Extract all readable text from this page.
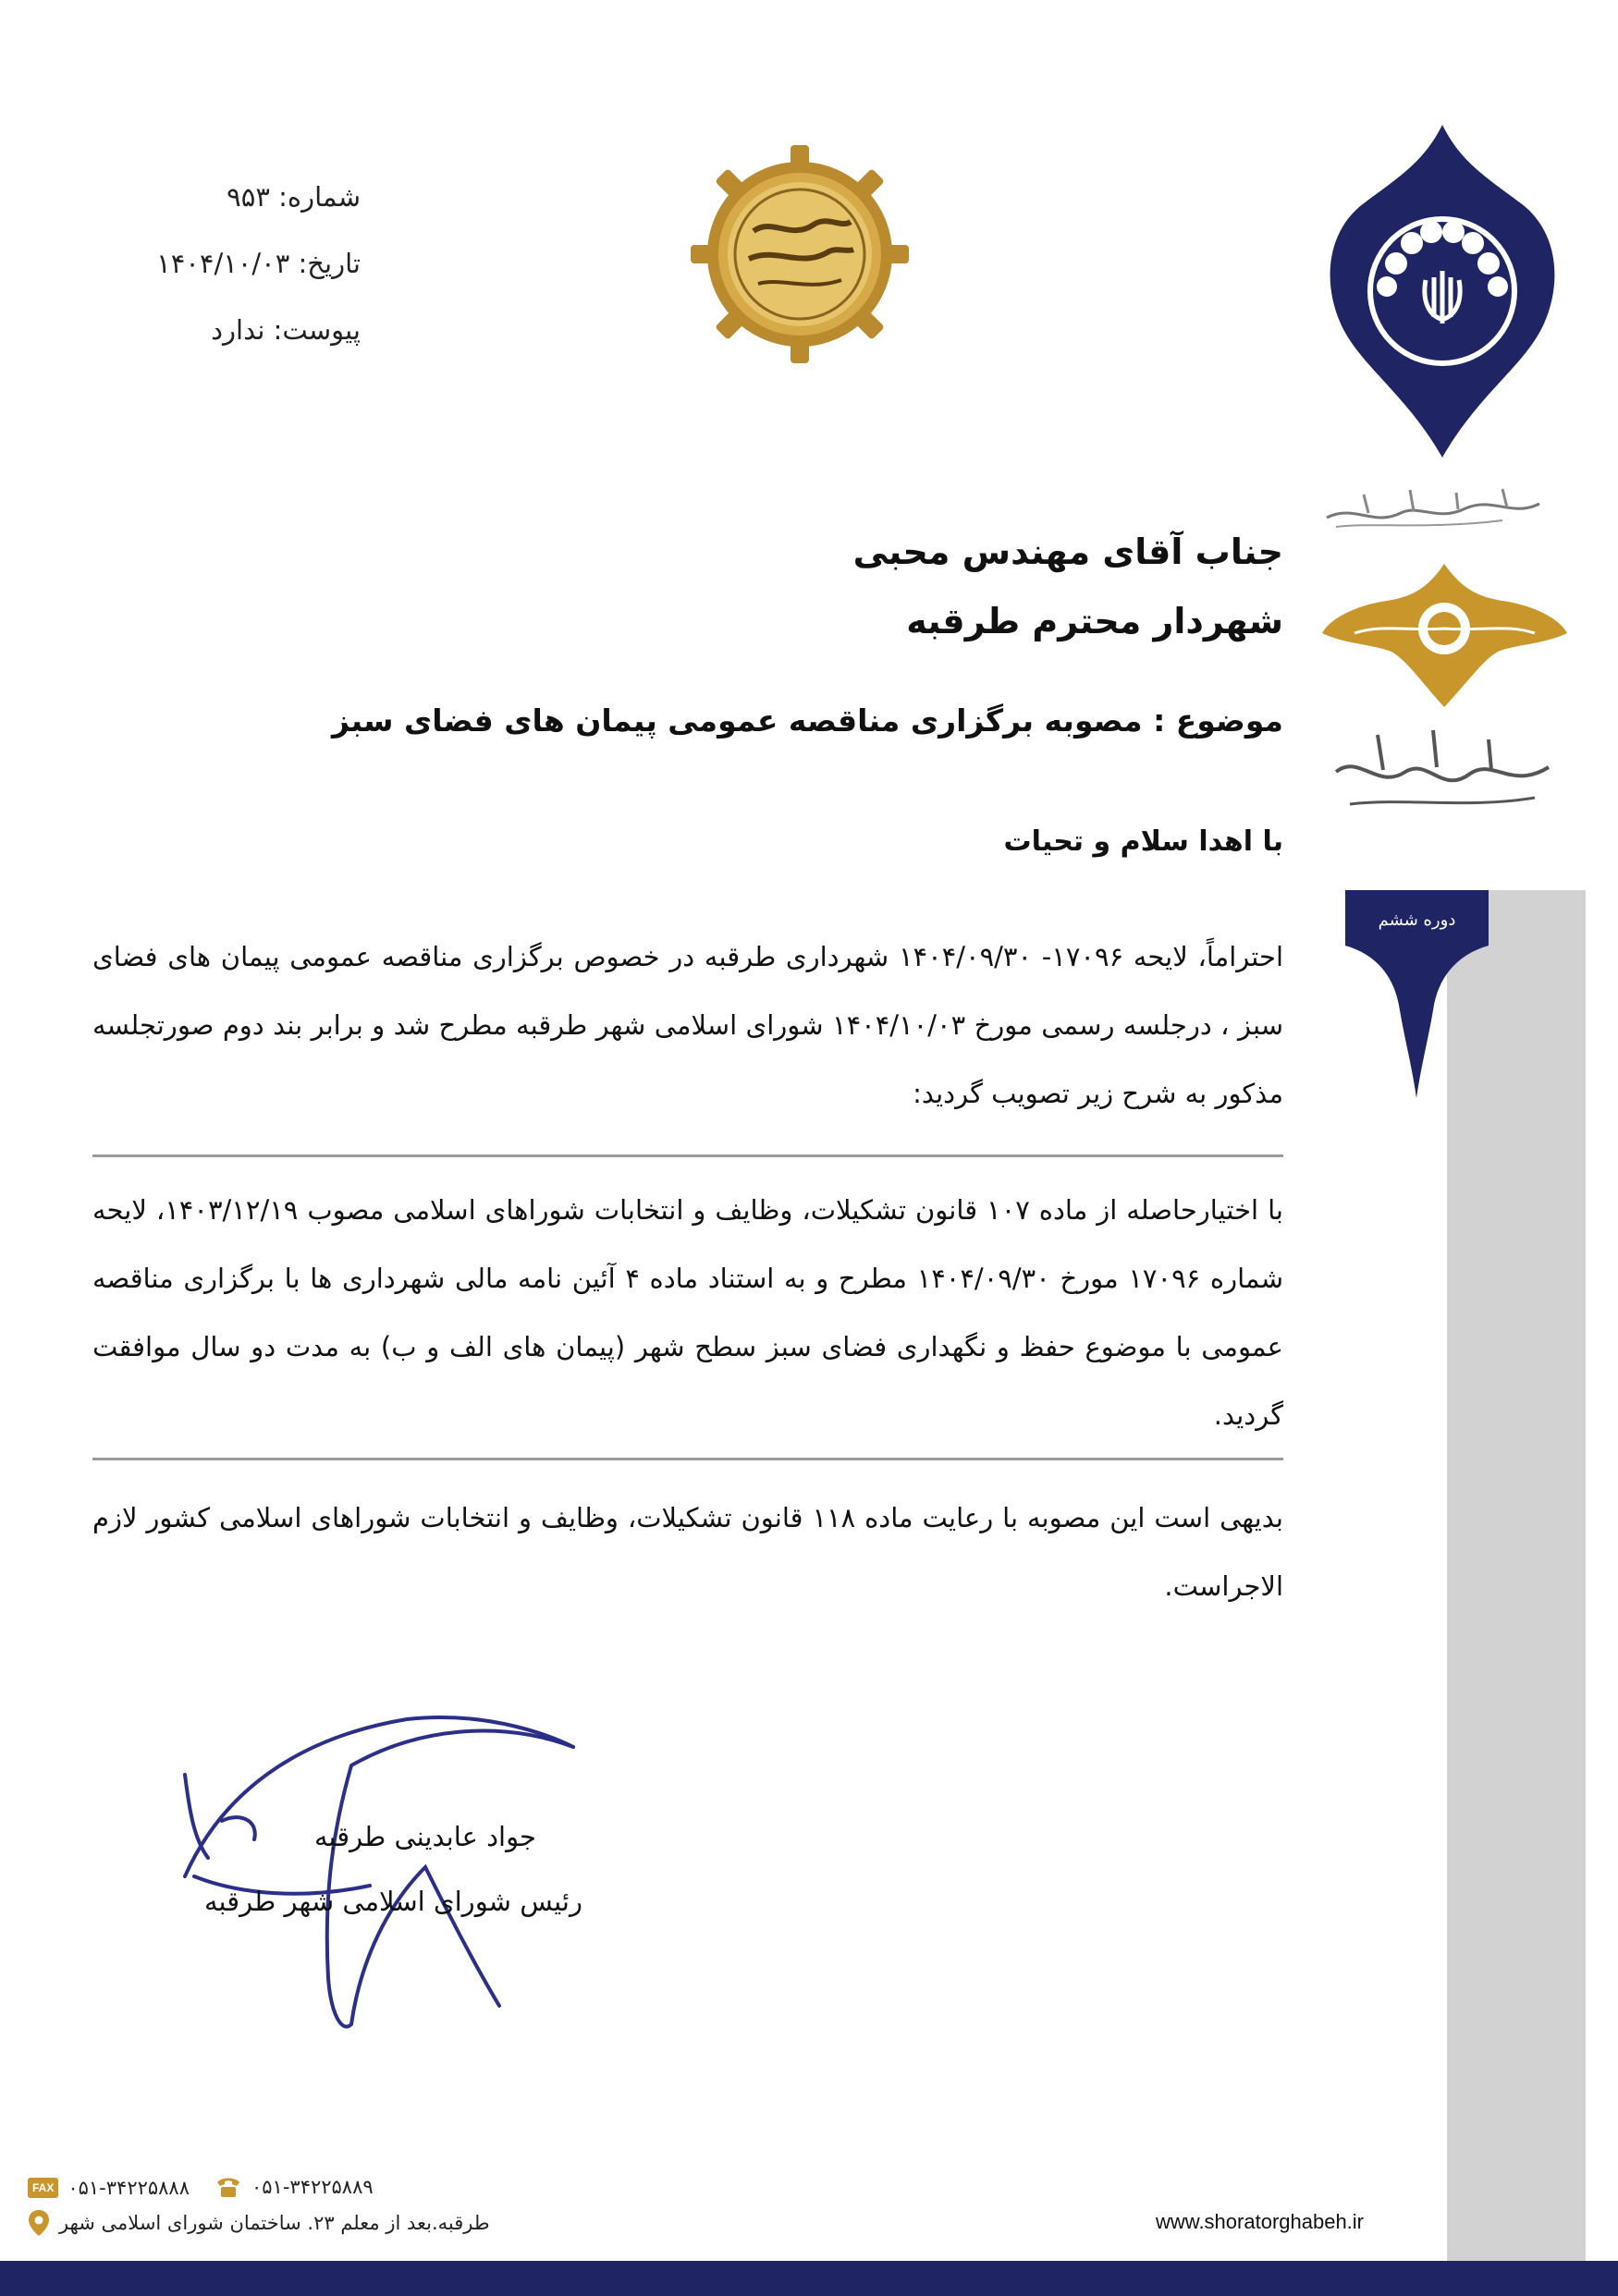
دوره ششم
شماره: ۹۵۳
تاریخ: ۱۴۰۴/۱۰/۰۳
پیوست: ندارد
جناب آقای مهندس محبی
شهردار محترم طرقبه
موضوع : مصوبه برگزاری مناقصه عمومی پیمان های فضای سبز
با اهدا سلام و تحیات
احتراماً، لایحه ۱۷۰۹۶- ۱۴۰۴/۰۹/۳۰ شهرداری طرقبه در خصوص برگزاری مناقصه عمومی پیمان های فضای سبز ، درجلسه رسمی مورخ ۱۴۰۴/۱۰/۰۳ شورای اسلامی شهر طرقبه مطرح شد و برابر بند دوم صورتجلسه مذکور به شرح زیر تصویب گردید:
با اختیارحاصله از ماده ۱۰۷ قانون تشکیلات، وظایف و انتخابات شوراهای اسلامی مصوب ۱۴۰۳/۱۲/۱۹، لایحه شماره ۱۷۰۹۶ مورخ ۱۴۰۴/۰۹/۳۰ مطرح و به استناد ماده ۴ آئین نامه مالی شهرداری ها با برگزاری مناقصه عمومی با موضوع حفظ و نگهداری فضای سبز سطح شهر (پیمان های الف و ب) به مدت دو سال موافقت گردید.
بدیهی است این مصوبه با رعایت ماده ۱۱۸ قانون تشکیلات، وظایف و انتخابات شوراهای اسلامی کشور لازم الاجراست.
جواد عابدینی طرقبه
رئیس شورای اسلامی شهر طرقبه
FAX ۰۵۱-۳۴۲۲۵۸۸۸	۰۵۱-۳۴۲۲۵۸۸۹
طرقبه.بعد از معلم ۲۳. ساختمان شورای اسلامی شهر	www.shoratorghabeh.ir
